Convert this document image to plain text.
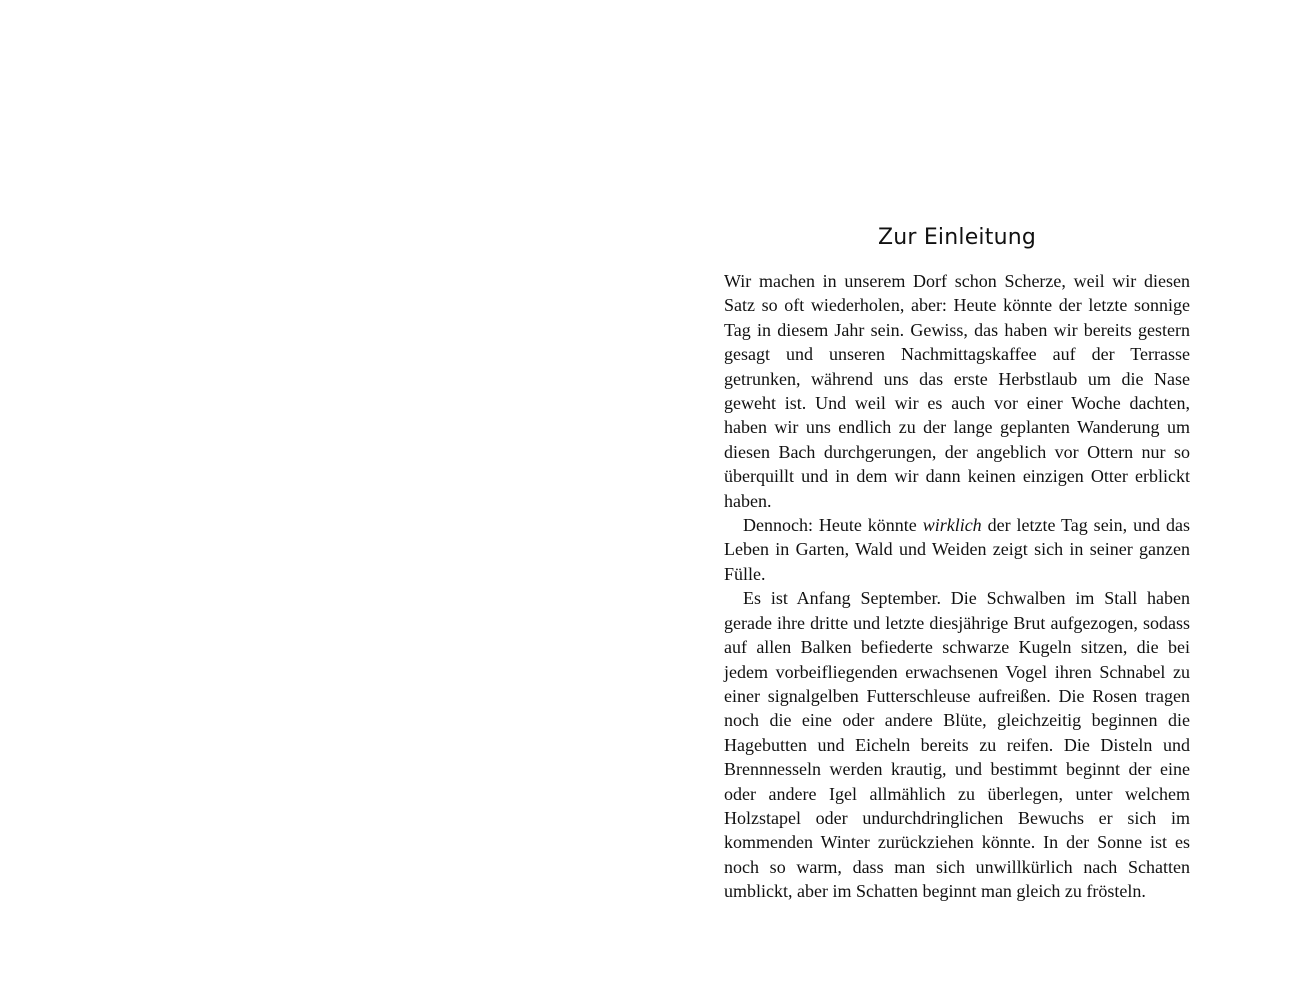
Zur Einleitung

Wir machen in unserem Dorf schon Scherze, weil wir diesen Satz so oft wiederholen, aber: Heute könnte der letzte sonnige Tag in diesem Jahr sein. Gewiss, das haben wir bereits gestern gesagt und unseren Nachmittagskaffee auf der Terrasse getrunken, während uns das erste Herbstlaub um die Nase geweht ist. Und weil wir es auch vor einer Woche dachten, haben wir uns endlich zu der lange geplanten Wanderung um diesen Bach durchgerungen, der angeblich vor Ottern nur so überquillt und in dem wir dann keinen einzigen Otter erblickt haben.

Dennoch: Heute könnte wirklich der letzte Tag sein, und das Leben in Garten, Wald und Weiden zeigt sich in seiner ganzen Fülle.

Es ist Anfang September. Die Schwalben im Stall haben gerade ihre dritte und letzte diesjährige Brut aufgezogen, sodass auf allen Balken befiederte schwarze Kugeln sitzen, die bei jedem vorbeifliegenden erwachsenen Vogel ihren Schnabel zu einer signalgelben Futterschleuse aufreißen. Die Rosen tragen noch die eine oder andere Blüte, gleichzeitig beginnen die Hagebutten und Eicheln bereits zu reifen. Die Disteln und Brennnesseln werden krautig, und bestimmt beginnt der eine oder andere Igel allmählich zu überlegen, unter welchem Holzstapel oder undurchdringlichen Bewuchs er sich im kommenden Winter zurückziehen könnte. In der Sonne ist es noch so warm, dass man sich unwillkürlich nach Schatten umblickt, aber im Schatten beginnt man gleich zu frösteln.
